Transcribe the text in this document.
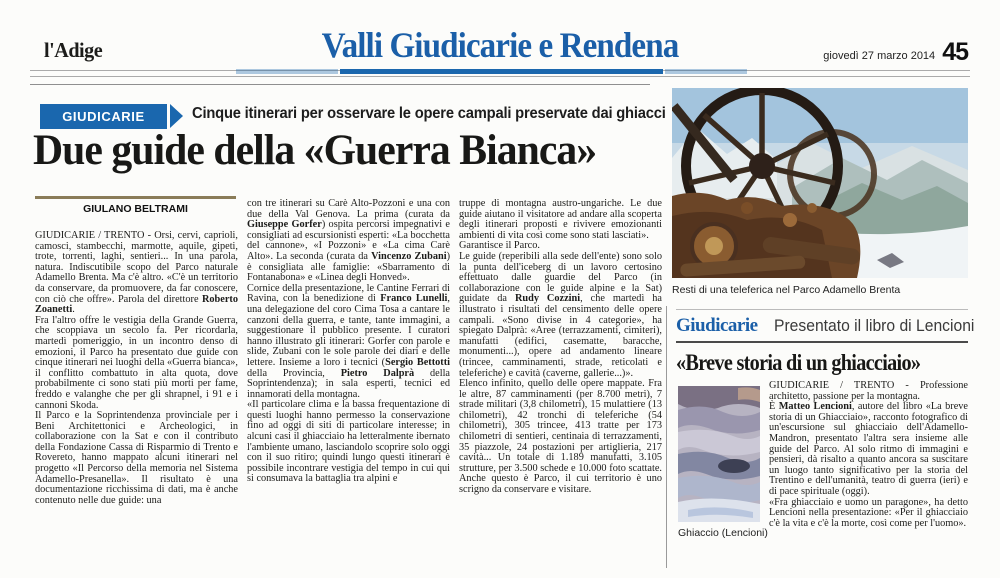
l'Adige	Valli Giudicarie e Rendena	giovedì 27 marzo 2014 45
GIUDICARIE	Cinque itinerari per osservare le opere campali preservate dai ghiacci
Due guide della «Guerra Bianca»
GIULANO BELTRAMI

GIUDICARIE / TRENTO - Orsi, cervi, caprioli, camosci, stambecchi, marmotte, aquile, gipeti, trote, torrenti, laghi, sentieri... In una parola, natura. Indiscutibile scopo del Parco naturale Adamello Brenta. Ma c'è altro. «C'è un territorio da conservare, da promuovere, da far conoscere, con ciò che offre». Parola del direttore Roberto Zoanetti.

Fra l'altro offre le vestigia della Grande Guerra, che scoppiava un secolo fa. Per ricordarla, martedì pomeriggio, in un incontro denso di emozioni, il Parco ha presentato due guide con cinque itinerari nei luoghi della «Guerra bianca», il conflitto combattuto in alta quota, dove probabilmente ci sono stati più morti per fame, freddo e valanghe che per gli shrapnel, i 91 e i cannoni Skoda.

Il Parco e la Soprintendenza provinciale per i Beni Architettonici e Archeologici, in collaborazione con la Sat e con il contributo della Fondazione Cassa di Risparmio di Trento e Rovereto, hanno mappato alcuni itinerari nel progetto «Il Percorso della memoria nel Sistema Adamello-Presanella». Il risultato è una documentazione ricchissima di dati, ma è anche contenuto nelle due guide: una

con tre itinerari su Carè Alto-Pozzoni e una con due della Val Genova. La prima (curata da Giuseppe Gorfer) ospita percorsi impegnativi e consigliati ad escursionisti esperti: «La bocchetta del cannone», «I Pozzoni» e «La cima Carè Alto». La seconda (curata da Vincenzo Zubani) è consigliata alle famiglie: «Sbarramento di Fontanabona» e «Linea degli Honved».

Cornice della presentazione, le Cantine Ferrari di Ravina, con la benedizione di Franco Lunelli, una delegazione del coro Cima Tosa a cantare le canzoni della guerra, e tante, tante immagini, a suggestionare il pubblico presente. I curatori hanno illustrato gli itinerari: Gorfer con parole e slide, Zubani con le sole parole dei diari e delle lettere. Insieme a loro i tecnici (Sergio Bettotti della Provincia, Pietro Dalprà della Soprintendenza); in sala esperti, tecnici ed innamorati della montagna.

«Il particolare clima e la bassa frequentazione di questi luoghi hanno permesso la conservazione fino ad oggi di siti di particolare interesse; in alcuni casi il ghiacciaio ha letteralmente ibernato l'ambiente umano, lasciandolo scoprire solo oggi con il suo ritiro; quindi lungo questi itinerari è possibile incontrare vestigia del tempo in cui qui si consumava la battaglia tra alpini e

truppe di montagna austro-ungariche. Le due guide aiutano il visitatore ad andare alla scoperta degli itinerari proposti e rivivere emozionanti ambienti di vita così come sono stati lasciati».

Garantisce il Parco.

Le guide (reperibili alla sede dell'ente) sono solo la punta dell'iceberg di un lavoro certosino effettuato dalle guardie del Parco (in collaborazione con le guide alpine e la Sat) guidate da Rudy Cozzini, che martedì ha illustrato i risultati del censimento delle opere campali. «Sono divise in 4 categorie», ha spiegato Dalprà: «Aree (terrazzamenti, cimiteri), manufatti (edifici, casematte, baracche, monumenti...), opere ad andamento lineare (trincee, camminamenti, strade, reticolati e teleferiche) e cavità (caverne, gallerie...)».

Elenco infinito, quello delle opere mappate. Fra le altre, 87 camminamenti (per 8.700 metri), 7 strade militari (3,8 chilometri), 15 mulattiere (13 chilometri), 42 tronchi di teleferiche (54 chilometri), 305 trincee, 413 tratte per 173 chilometri di sentieri, centinaia di terrazzamenti, 35 piazzole, 24 postazioni per artiglieria, 217 cavità... Un totale di 1.189 manufatti, 3.105 strutture, per 3.500 schede e 10.000 foto scattate. Anche questo è Parco, il cui territorio è uno scrigno da conservare e visitare.

Resti di una teleferica nel Parco Adamello Brenta
Giudicarie Presentato il libro di Lencioni
«Breve storia di un ghiacciaio»
Ghiaccio (Lencioni)

GIUDICARIE / TRENTO - Professione architetto, passione per la montagna.

È Matteo Lencioni, autore del libro «La breve storia di un Ghiacciaio», racconto fotografico di un'escursione sul ghiacciaio dell'Adamello-Mandron, presentato l'altra sera insieme alle guide del Parco. Al solo ritmo di immagini e pensieri, dà risalto a quanto ancora sa suscitare un luogo tanto significativo per la storia del Trentino e dell'umanità, teatro di guerra (ieri) e di pace spirituale (oggi).

«Fra ghiacciaio e uomo un paragone», ha detto Lencioni nella presentazione: «Per il ghiacciaio c'è la vita e c'è la morte, così come per l'uomo».
